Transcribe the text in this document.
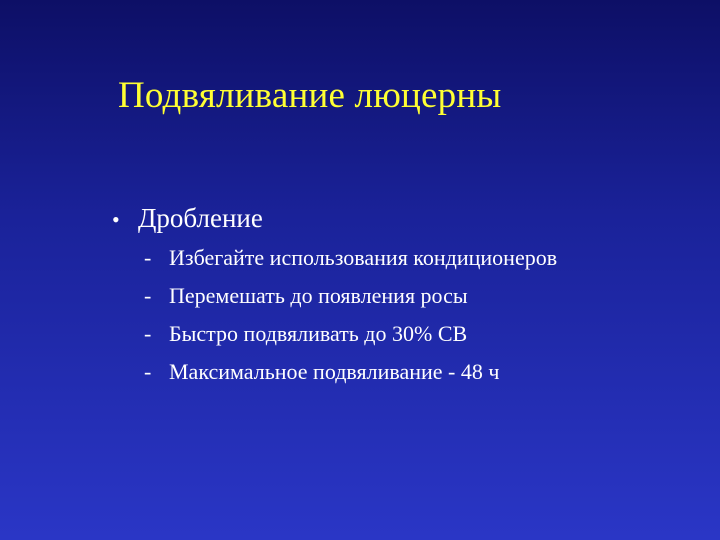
Подвяливание люцерны
• Дробление
- Избегайте использования кондиционеров
- Перемешать до появления росы
- Быстро подвяливать до 30% СВ
- Максимальное подвяливание - 48 ч
